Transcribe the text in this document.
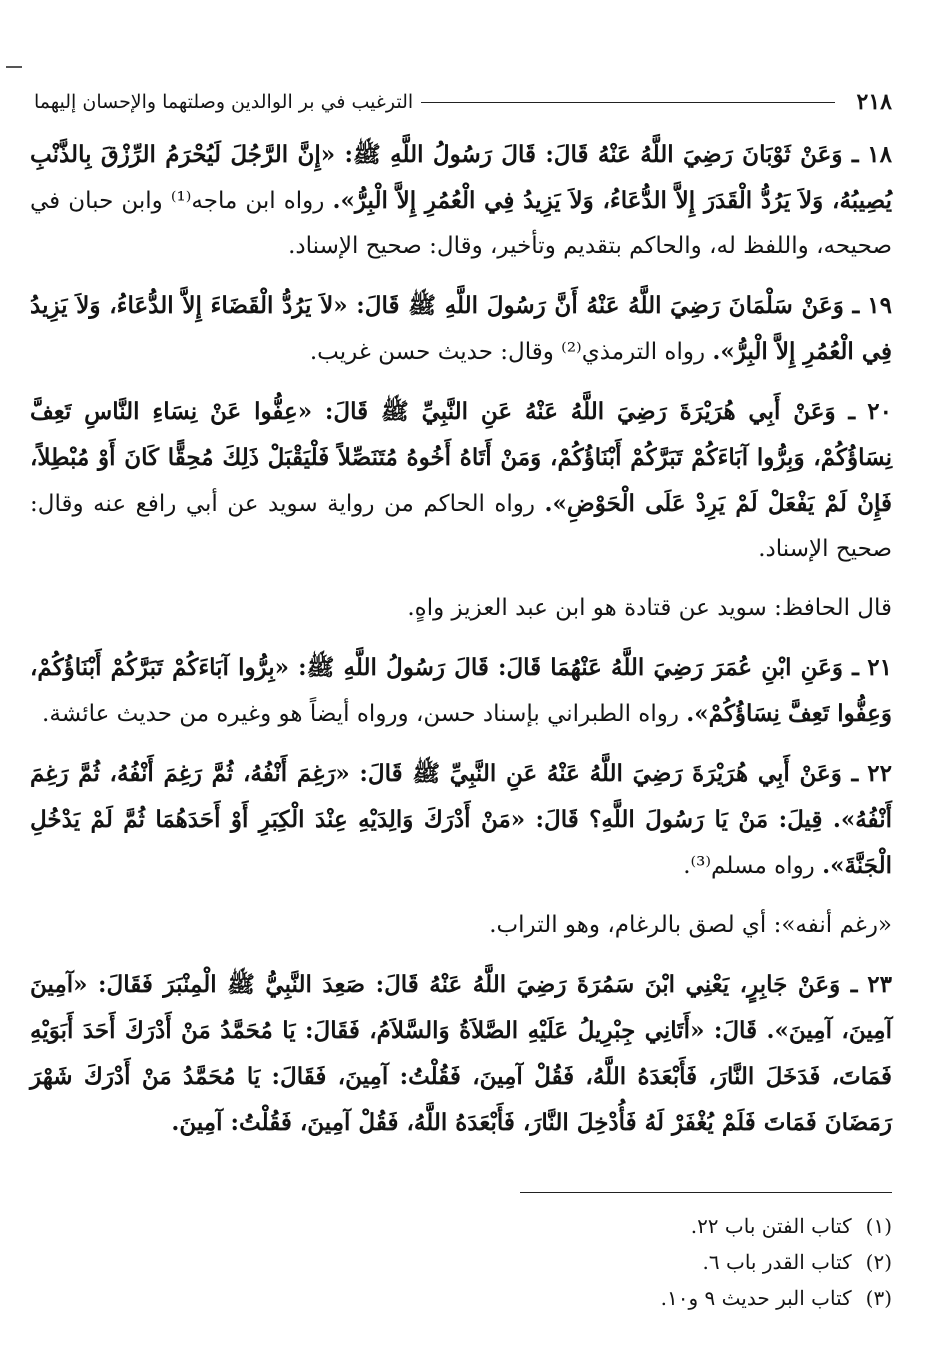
٢١٨
الترغيب في بر الوالدين وصلتهما والإحسان إليهما

١٨ ـ وَعَنْ ثَوْبَانَ رَضِيَ اللَّهُ عَنْهُ قَالَ: قَالَ رَسُولُ اللَّهِ ﷺ: «إِنَّ الرَّجُلَ لَيُحْرَمُ الرِّزْقَ بِالذَّنْبِ يُصِيبُهُ، وَلاَ يَرُدُّ الْقَدَرَ إِلاَّ الدُّعَاءُ، وَلاَ يَزِيدُ فِي الْعُمُرِ إِلاَّ الْبِرُّ». رواه ابن ماجه⁽¹⁾ وابن حبان في صحيحه، واللفظ له، والحاكم بتقديم وتأخير، وقال: صحيح الإسناد.

١٩ ـ وَعَنْ سَلْمَانَ رَضِيَ اللَّهُ عَنْهُ أَنَّ رَسُولَ اللَّهِ ﷺ قَالَ: «لاَ يَرُدُّ الْقَضَاءَ إِلاَّ الدُّعَاءُ، وَلاَ يَزِيدُ فِي الْعُمُرِ إِلاَّ الْبِرُّ». رواه الترمذي⁽²⁾ وقال: حديث حسن غريب.

٢٠ ـ وَعَنْ أَبِي هُرَيْرَةَ رَضِيَ اللَّهُ عَنْهُ عَنِ النَّبِيِّ ﷺ قَالَ: «عِفُّوا عَنْ نِسَاءِ النَّاسِ تَعِفَّ نِسَاؤُكُمْ، وَبِرُّوا آبَاءَكُمْ تَبَرَّكُمْ أَبْنَاؤُكُمْ، وَمَنْ أَتَاهُ أَخُوهُ مُتَنَصِّلاً فَلْيَقْبَلْ ذَلِكَ مُحِقًّا كَانَ أَوْ مُبْطِلاً، فَإِنْ لَمْ يَفْعَلْ لَمْ يَرِدْ عَلَى الْحَوْضِ». رواه الحاكم من رواية سويد عن أبي رافع عنه وقال: صحيح الإسناد.

قال الحافظ: سويد عن قتادة هو ابن عبد العزيز واهٍ.

٢١ ـ وَعَنِ ابْنِ عُمَرَ رَضِيَ اللَّهُ عَنْهُمَا قَالَ: قَالَ رَسُولُ اللَّهِ ﷺ: «بِرُّوا آبَاءَكُمْ تَبَرَّكُمْ أَبْنَاؤُكُمْ، وَعِفُّوا تَعِفَّ نِسَاؤُكُمْ». رواه الطبراني بإسناد حسن، ورواه أيضاً هو وغيره من حديث عائشة.

٢٢ ـ وَعَنْ أَبِي هُرَيْرَةَ رَضِيَ اللَّهُ عَنْهُ عَنِ النَّبِيِّ ﷺ قَالَ: «رَغِمَ أَنْفُهُ، ثُمَّ رَغِمَ أَنْفُهُ، ثُمَّ رَغِمَ أَنْفُهُ». قِيلَ: مَنْ يَا رَسُولَ اللَّهِ؟ قَالَ: «مَنْ أَدْرَكَ وَالِدَيْهِ عِنْدَ الْكِبَرِ أَوْ أَحَدَهُمَا ثُمَّ لَمْ يَدْخُلِ الْجَنَّةَ». رواه مسلم⁽³⁾.

«رغم أنفه»: أي لصق بالرغام، وهو التراب.

٢٣ ـ وَعَنْ جَابِرٍ، يَعْنِي ابْنَ سَمُرَةَ رَضِيَ اللَّهُ عَنْهُ قَالَ: صَعِدَ النَّبِيُّ ﷺ الْمِنْبَرَ فَقَالَ: «آمِينَ آمِينَ، آمِينَ». قَالَ: «أَتَانِي جِبْرِيلُ عَلَيْهِ الصَّلاَةُ وَالسَّلاَمُ، فَقَالَ: يَا مُحَمَّدُ مَنْ أَدْرَكَ أَحَدَ أَبَوَيْهِ فَمَاتَ، فَدَخَلَ النَّارَ، فَأَبْعَدَهُ اللَّهُ، فَقُلْ آمِينَ، فَقُلْتُ: آمِينَ، فَقَالَ: يَا مُحَمَّدُ مَنْ أَدْرَكَ شَهْرَ رَمَضَانَ فَمَاتَ فَلَمْ يُغْفَرْ لَهُ فَأُدْخِلَ النَّارَ، فَأَبْعَدَهُ اللَّهُ، فَقُلْ آمِينَ، فَقُلْتُ: آمِينَ.

(١)
كتاب الفتن باب ٢٢.
(٢)
كتاب القدر باب ٦.
(٣)
كتاب البر حديث ٩ و١٠.
